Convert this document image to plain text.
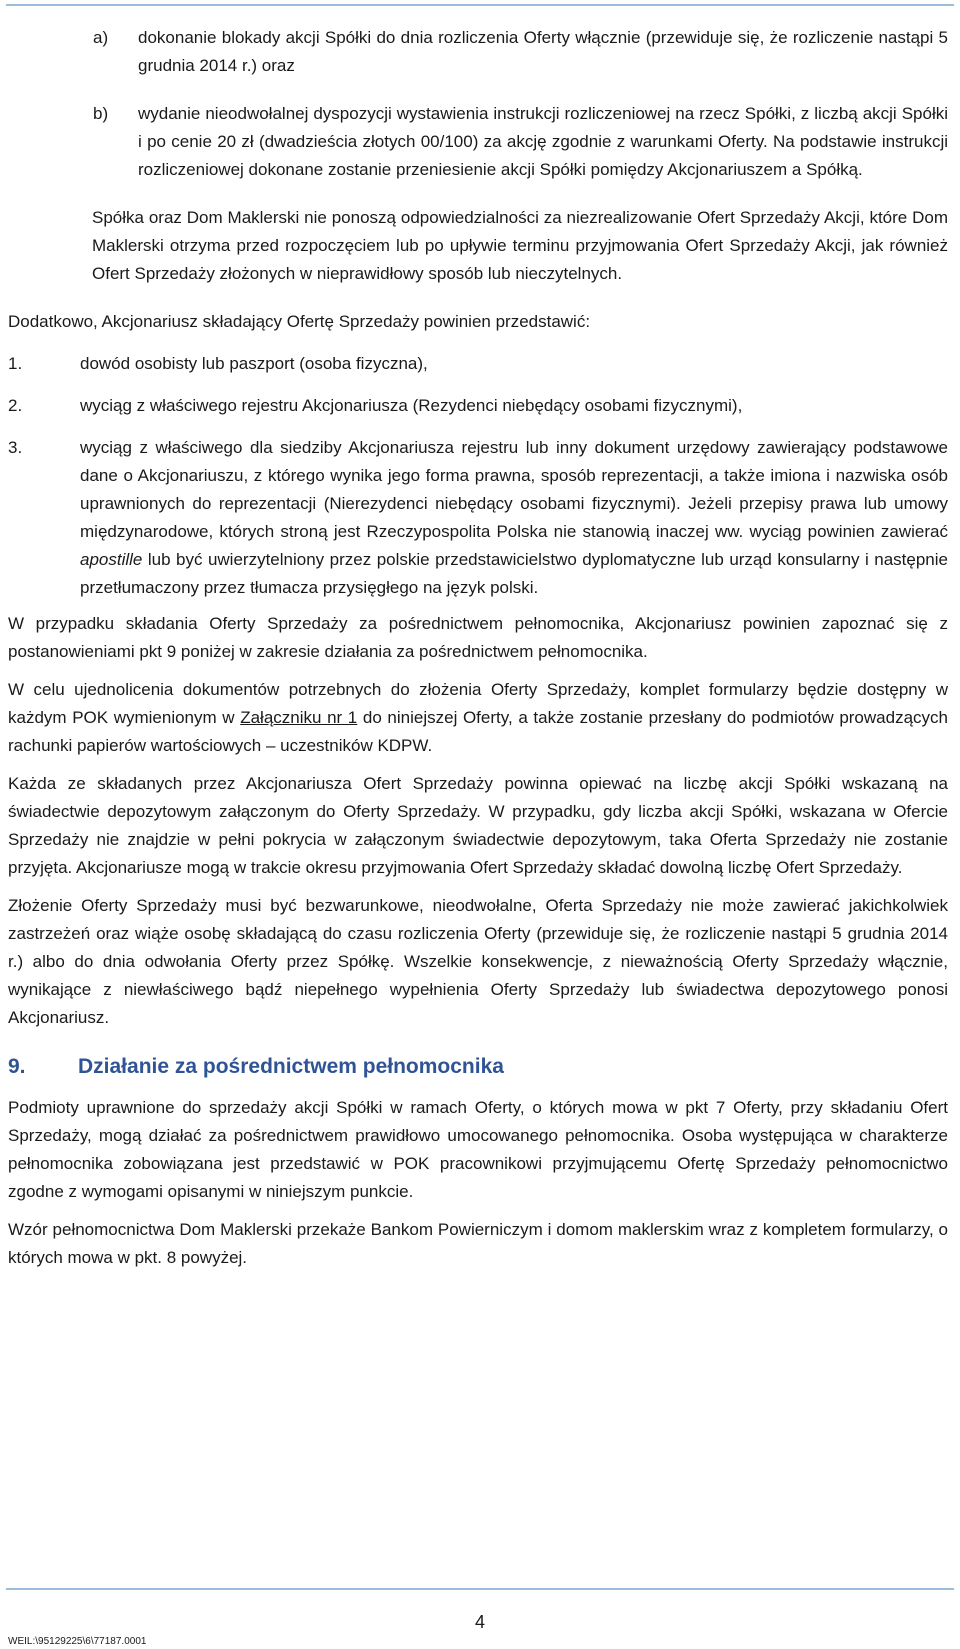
a) dokonanie blokady akcji Spółki do dnia rozliczenia Oferty włącznie (przewiduje się, że rozliczenie nastąpi 5 grudnia 2014 r.) oraz
b) wydanie nieodwołalnej dyspozycji wystawienia instrukcji rozliczeniowej na rzecz Spółki, z liczbą akcji Spółki i po cenie 20 zł (dwadzieścia złotych 00/100) za akcję zgodnie z warunkami Oferty. Na podstawie instrukcji rozliczeniowej dokonane zostanie przeniesienie akcji Spółki pomiędzy Akcjonariuszem a Spółką.

Spółka oraz Dom Maklerski nie ponoszą odpowiedzialności za niezrealizowanie Ofert Sprzedaży Akcji, które Dom Maklerski otrzyma przed rozpoczęciem lub po upływie terminu przyjmowania Ofert Sprzedaży Akcji, jak również Ofert Sprzedaży złożonych w nieprawidłowy sposób lub nieczytelnych.

Dodatkowo, Akcjonariusz składający Ofertę Sprzedaży powinien przedstawić:

1.	dowód osobisty lub paszport (osoba fizyczna),
2.	wyciąg z właściwego rejestru Akcjonariusza (Rezydenci niebędący osobami fizycznymi),
3.	wyciąg z właściwego dla siedziby Akcjonariusza rejestru lub inny dokument urzędowy zawierający podstawowe dane o Akcjonariuszu, z którego wynika jego forma prawna, sposób reprezentacji, a także imiona i nazwiska osób uprawnionych do reprezentacji (Nierezydenci niebędący osobami fizycznymi). Jeżeli przepisy prawa lub umowy międzynarodowe, których stroną jest Rzeczypospolita Polska nie stanowią inaczej ww. wyciąg powinien zawierać apostille lub być uwierzytelniony przez polskie przedstawicielstwo dyplomatyczne lub urząd konsularny i następnie przetłumaczony przez tłumacza przysięgłego na język polski.

W przypadku składania Oferty Sprzedaży za pośrednictwem pełnomocnika, Akcjonariusz powinien zapoznać się z postanowieniami pkt 9 poniżej w zakresie działania za pośrednictwem pełnomocnika.

W celu ujednolicenia dokumentów potrzebnych do złożenia Oferty Sprzedaży, komplet formularzy będzie dostępny w każdym POK wymienionym w Załączniku nr 1 do niniejszej Oferty, a także zostanie przesłany do podmiotów prowadzących rachunki papierów wartościowych – uczestników KDPW.

Każda ze składanych przez Akcjonariusza Ofert Sprzedaży powinna opiewać na liczbę akcji Spółki wskazaną na świadectwie depozytowym załączonym do Oferty Sprzedaży. W przypadku, gdy liczba akcji Spółki, wskazana w Ofercie Sprzedaży nie znajdzie w pełni pokrycia w załączonym świadectwie depozytowym, taka Oferta Sprzedaży nie zostanie przyjęta. Akcjonariusze mogą w trakcie okresu przyjmowania Ofert Sprzedaży składać dowolną liczbę Ofert Sprzedaży.

Złożenie Oferty Sprzedaży musi być bezwarunkowe, nieodwołalne, Oferta Sprzedaży nie może zawierać jakichkolwiek zastrzeżeń oraz wiąże osobę składającą do czasu rozliczenia Oferty (przewiduje się, że rozliczenie nastąpi 5 grudnia 2014 r.) albo do dnia odwołania Oferty przez Spółkę. Wszelkie konsekwencje, z nieważnością Oferty Sprzedaży włącznie, wynikające z niewłaściwego bądź niepełnego wypełnienia Oferty Sprzedaży lub świadectwa depozytowego ponosi Akcjonariusz.

9. Działanie za pośrednictwem pełnomocnika

Podmioty uprawnione do sprzedaży akcji Spółki w ramach Oferty, o których mowa w pkt 7 Oferty, przy składaniu Ofert Sprzedaży, mogą działać za pośrednictwem prawidłowo umocowanego pełnomocnika. Osoba występująca w charakterze pełnomocnika zobowiązana jest przedstawić w POK pracownikowi przyjmującemu Ofertę Sprzedaży pełnomocnictwo zgodne z wymogami opisanymi w niniejszym punkcie.

Wzór pełnomocnictwa Dom Maklerski przekaże Bankom Powierniczym i domom maklerskim wraz z kompletem formularzy, o których mowa w pkt. 8 powyżej.

4
WEIL:\95129225\6\77187.0001
